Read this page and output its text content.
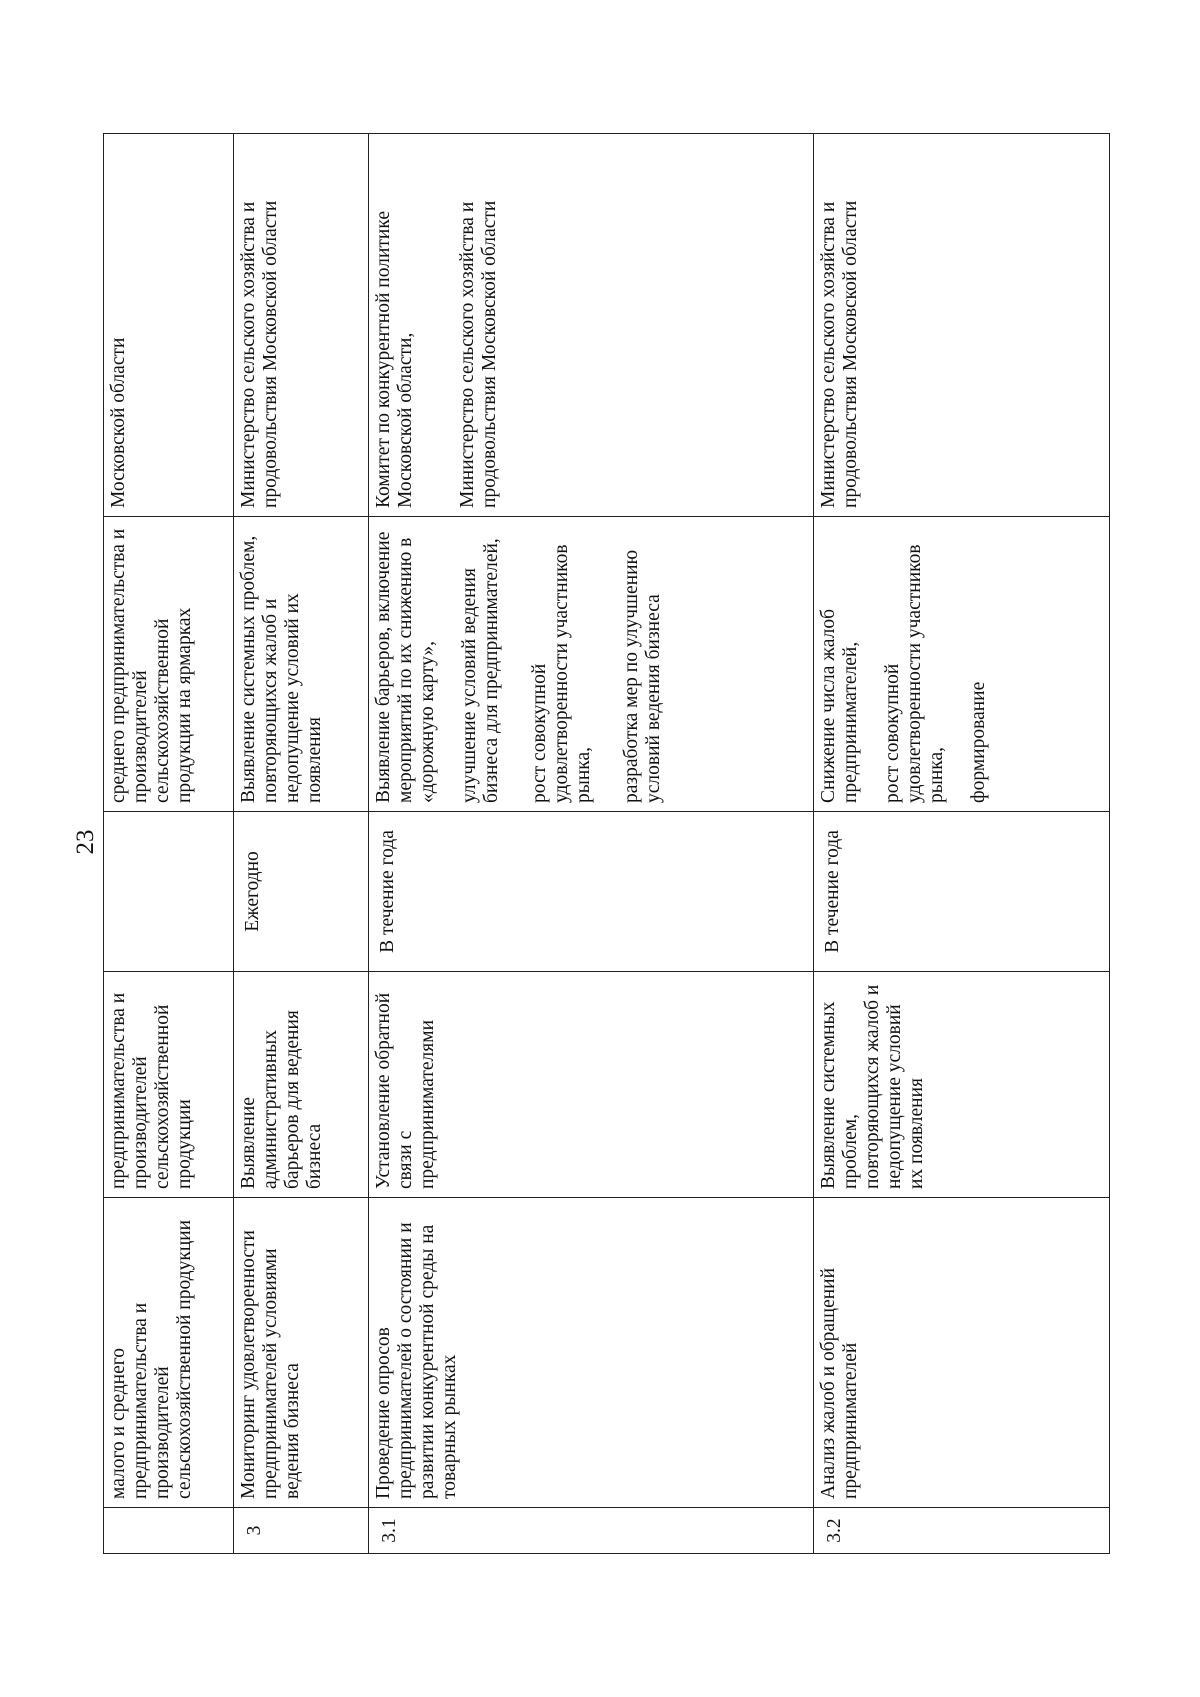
23
	малого и среднего предпринимательства и производителей сельскохозяйственной продукции	предпринимательства и производителей сельскохозяйственной продукции		среднего предпринимательства и производителей сельскохозяйственной продукции на ярмарках	Московской области

3	Мониторинг удовлетворенности предпринимателей условиями ведения бизнеса	Выявление административных барьеров для ведения бизнеса	Ежегодно	Выявление системных проблем, повторяющихся жалоб и недопущение условий их появления	Министерство сельского хозяйства и продовольствия Московской области

3.1	Проведение опросов предпринимателей о состоянии и развитии конкурентной среды на товарных рынках	Установление обратной связи с предпринимателями	В течение года	Выявление барьеров, включение мероприятий по их снижению в «дорожную карту», улучшение условий ведения бизнеса для предпринимателей, рост совокупной удовлетворенности участников рынка, разработка мер по улучшению условий ведения бизнеса	Комитет по конкурентной политике Московской области, Министерство сельского хозяйства и продовольствия Московской области

3.2	Анализ жалоб и обращений предпринимателей	Выявление системных проблем, повторяющихся жалоб и недопущение условий их появления	В течение года	Снижение числа жалоб предпринимателей, рост совокупной удовлетворенности участников рынка, формирование	Министерство сельского хозяйства и продовольствия Московской области
